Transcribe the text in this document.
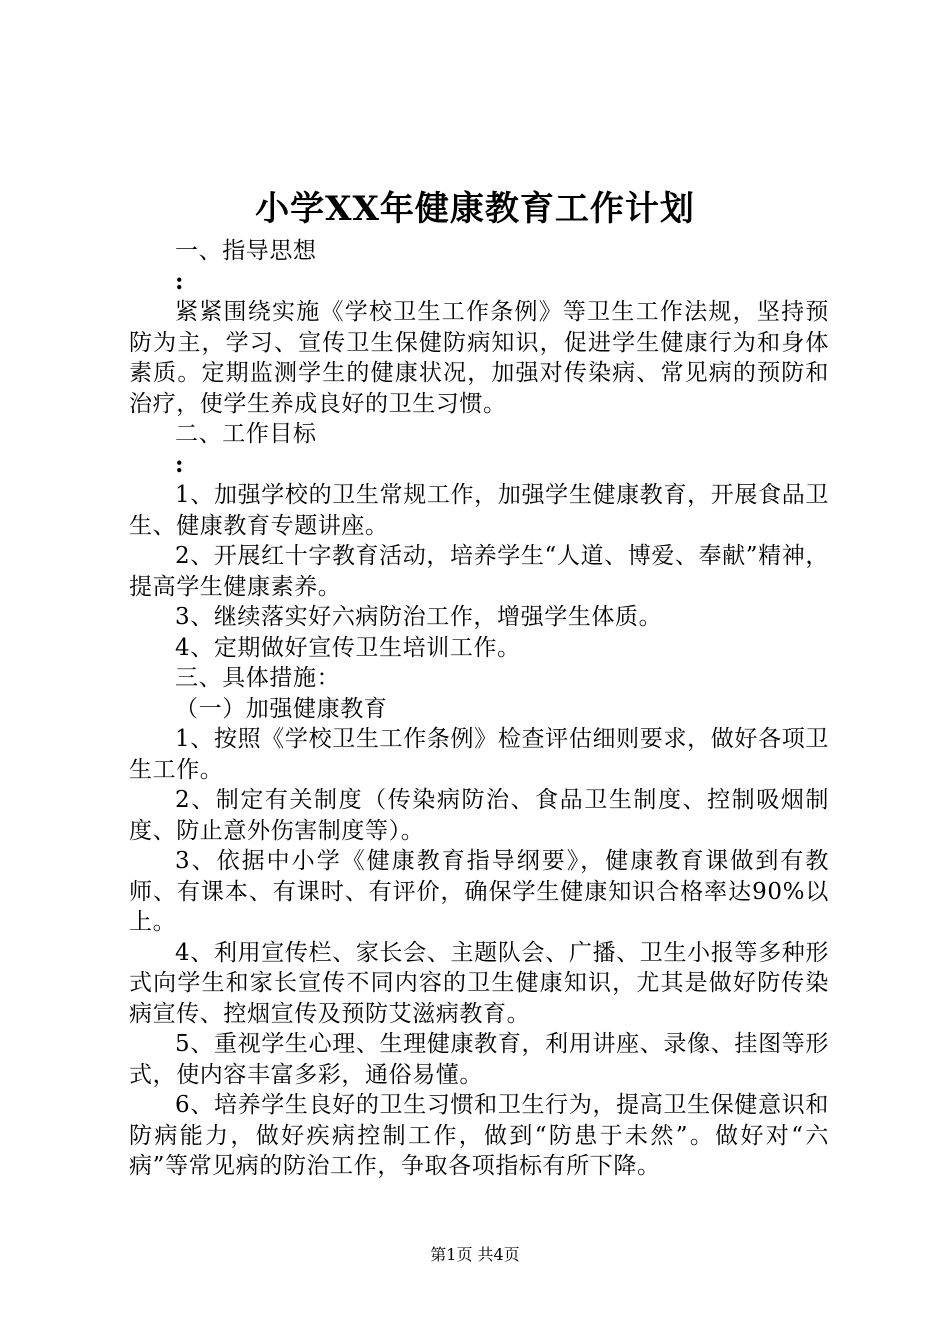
小学XX年健康教育工作计划

一、指导思想

:

紧紧围绕实施《学校卫生工作条例》等卫生工作法规，坚持预防为主，学习、宣传卫生保健防病知识，促进学生健康行为和身体素质。定期监测学生的健康状况，加强对传染病、常见病的预防和治疗，使学生养成良好的卫生习惯。

二、工作目标

:

1、加强学校的卫生常规工作，加强学生健康教育，开展食品卫生、健康教育专题讲座。

2、开展红十字教育活动，培养学生“人道、博爱、奉献”精神，提高学生健康素养。

3、继续落实好六病防治工作，增强学生体质。

4、定期做好宣传卫生培训工作。

三、具体措施：

（一）加强健康教育

1、按照《学校卫生工作条例》检查评估细则要求，做好各项卫生工作。

2、制定有关制度（传染病防治、食品卫生制度、控制吸烟制度、防止意外伤害制度等）。

3、依据中小学《健康教育指导纲要》，健康教育课做到有教师、有课本、有课时、有评价，确保学生健康知识合格率达90%以上。

4、利用宣传栏、家长会、主题队会、广播、卫生小报等多种形式向学生和家长宣传不同内容的卫生健康知识，尤其是做好防传染病宣传、控烟宣传及预防艾滋病教育。

5、重视学生心理、生理健康教育，利用讲座、录像、挂图等形式，使内容丰富多彩，通俗易懂。

6、培养学生良好的卫生习惯和卫生行为，提高卫生保健意识和防病能力，做好疾病控制工作，做到“防患于未然”。做好对“六病”等常见病的防治工作，争取各项指标有所下降。

第1页 共4页
